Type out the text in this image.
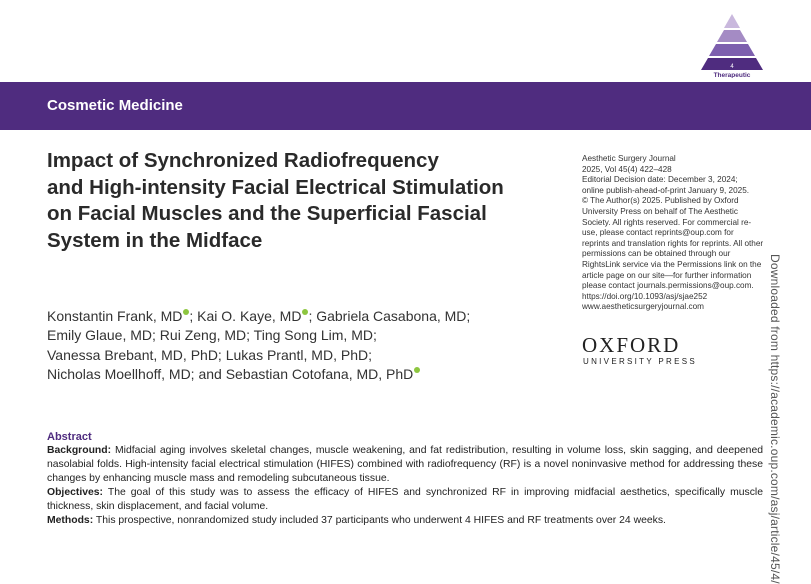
4
Therapeutic
Cosmetic Medicine
Impact of Synchronized Radiofrequency
and High-intensity Facial Electrical Stimulation
on Facial Muscles and the Superficial Fascial
System in the Midface
Aesthetic Surgery Journal
2025, Vol 45(4) 422–428
Editorial Decision date: December 3, 2024;
online publish-ahead-of-print January 9, 2025.
© The Author(s) 2025. Published by Oxford
University Press on behalf of The Aesthetic
Society. All rights reserved. For commercial re-
use, please contact reprints@oup.com for
reprints and translation rights for reprints. All other
permissions can be obtained through our
RightsLink service via the Permissions link on the
article page on our site—for further information
please contact journals.permissions@oup.com.
https://doi.org/10.1093/asj/sjae252
www.aestheticsurgeryjournal.com
OXFORD
UNIVERSITY PRESS
Konstantin Frank, MD ; Kai O. Kaye, MD ; Gabriela Casabona, MD;
Emily Glaue, MD; Rui Zeng, MD; Ting Song Lim, MD;
Vanessa Brebant, MD, PhD; Lukas Prantl, MD, PhD;
Nicholas Moellhoff, MD; and Sebastian Cotofana, MD, PhD
Abstract

Background: Midfacial aging involves skeletal changes, muscle weakening, and fat redistribution, resulting in volume loss, skin sagging, and deepened nasolabial folds. High-intensity facial electrical stimulation (HIFES) combined with radiofrequency (RF) is a novel noninvasive method for addressing these changes by enhancing muscle mass and remodeling subcutaneous tissue.

Objectives: The goal of this study was to assess the efficacy of HIFES and synchronized RF in improving midfacial aesthetics, specifically muscle thickness, skin displacement, and facial volume.

Methods: This prospective, nonrandomized study included 37 participants who underwent 4 HIFES and RF treatments over 24 weeks.	Downloaded from https://academic.oup.com/asj/article/45/4/
